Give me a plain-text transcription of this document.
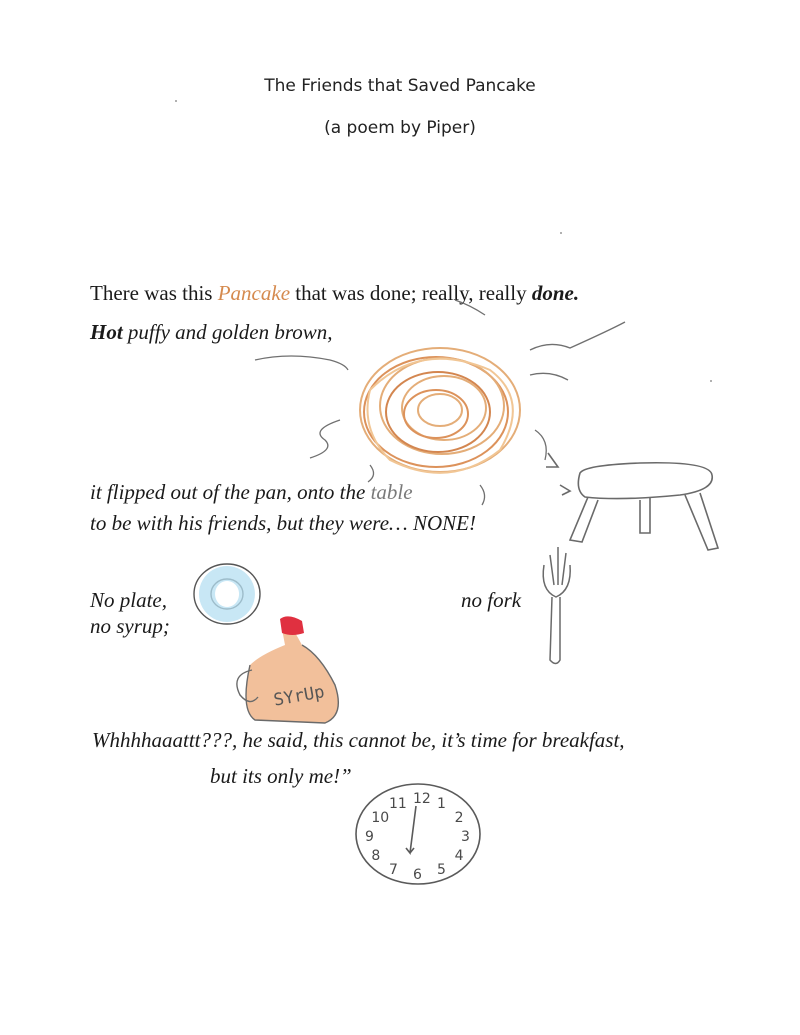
The Friends that Saved Pancake
(a poem by Piper)
There was this Pancake that was done; really, really done.
Hot puffy and golden brown,
it flipped out of the pan, onto the table
to be with his friends, but they were… NONE!
No plate,	no fork
no syrup;
SYrUp
Whhhhaaattt???, he said, this cannot be, it’s time for breakfast,
but its only me!”
10
11 12 1
2
3
4
5
6
7
8
9
